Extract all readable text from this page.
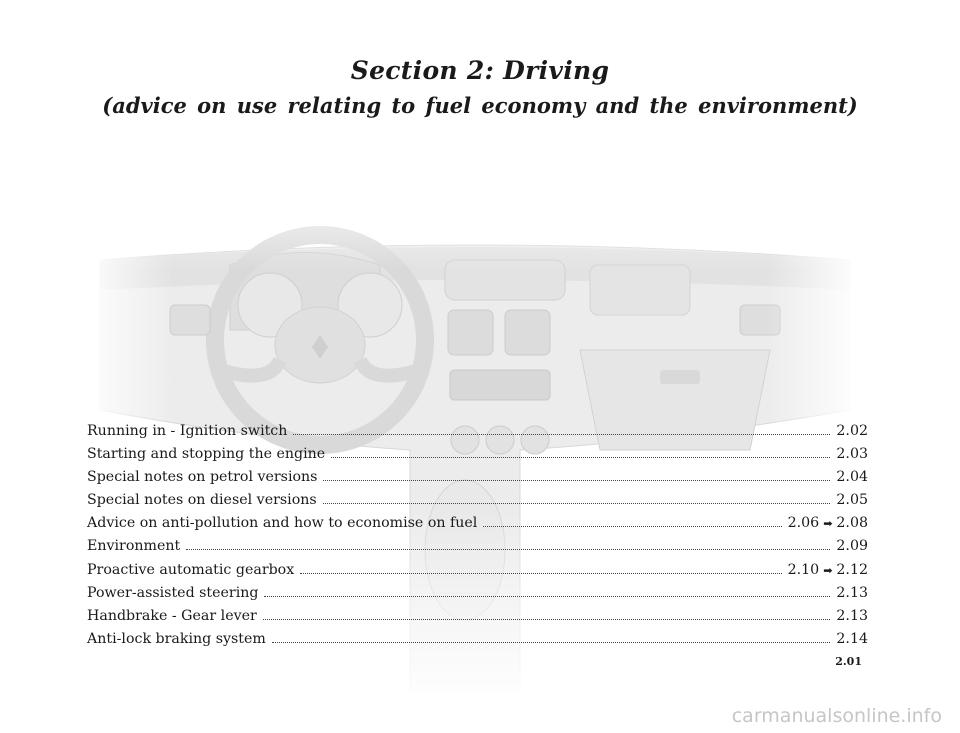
Section 2: Driving
(advice on use relating to fuel economy and the environment)
Running in - Ignition switch	2.02
Starting and stopping the engine	2.03
Special notes on petrol versions	2.04
Special notes on diesel versions	2.05
Advice on anti-pollution and how to economise on fuel	2.06 ➡ 2.08
Environment	2.09
Proactive automatic gearbox	2.10 ➡ 2.12
Power-assisted steering	2.13
Handbrake - Gear lever	2.13
Anti-lock braking system	2.14
2.01
carmanualsonline.info
